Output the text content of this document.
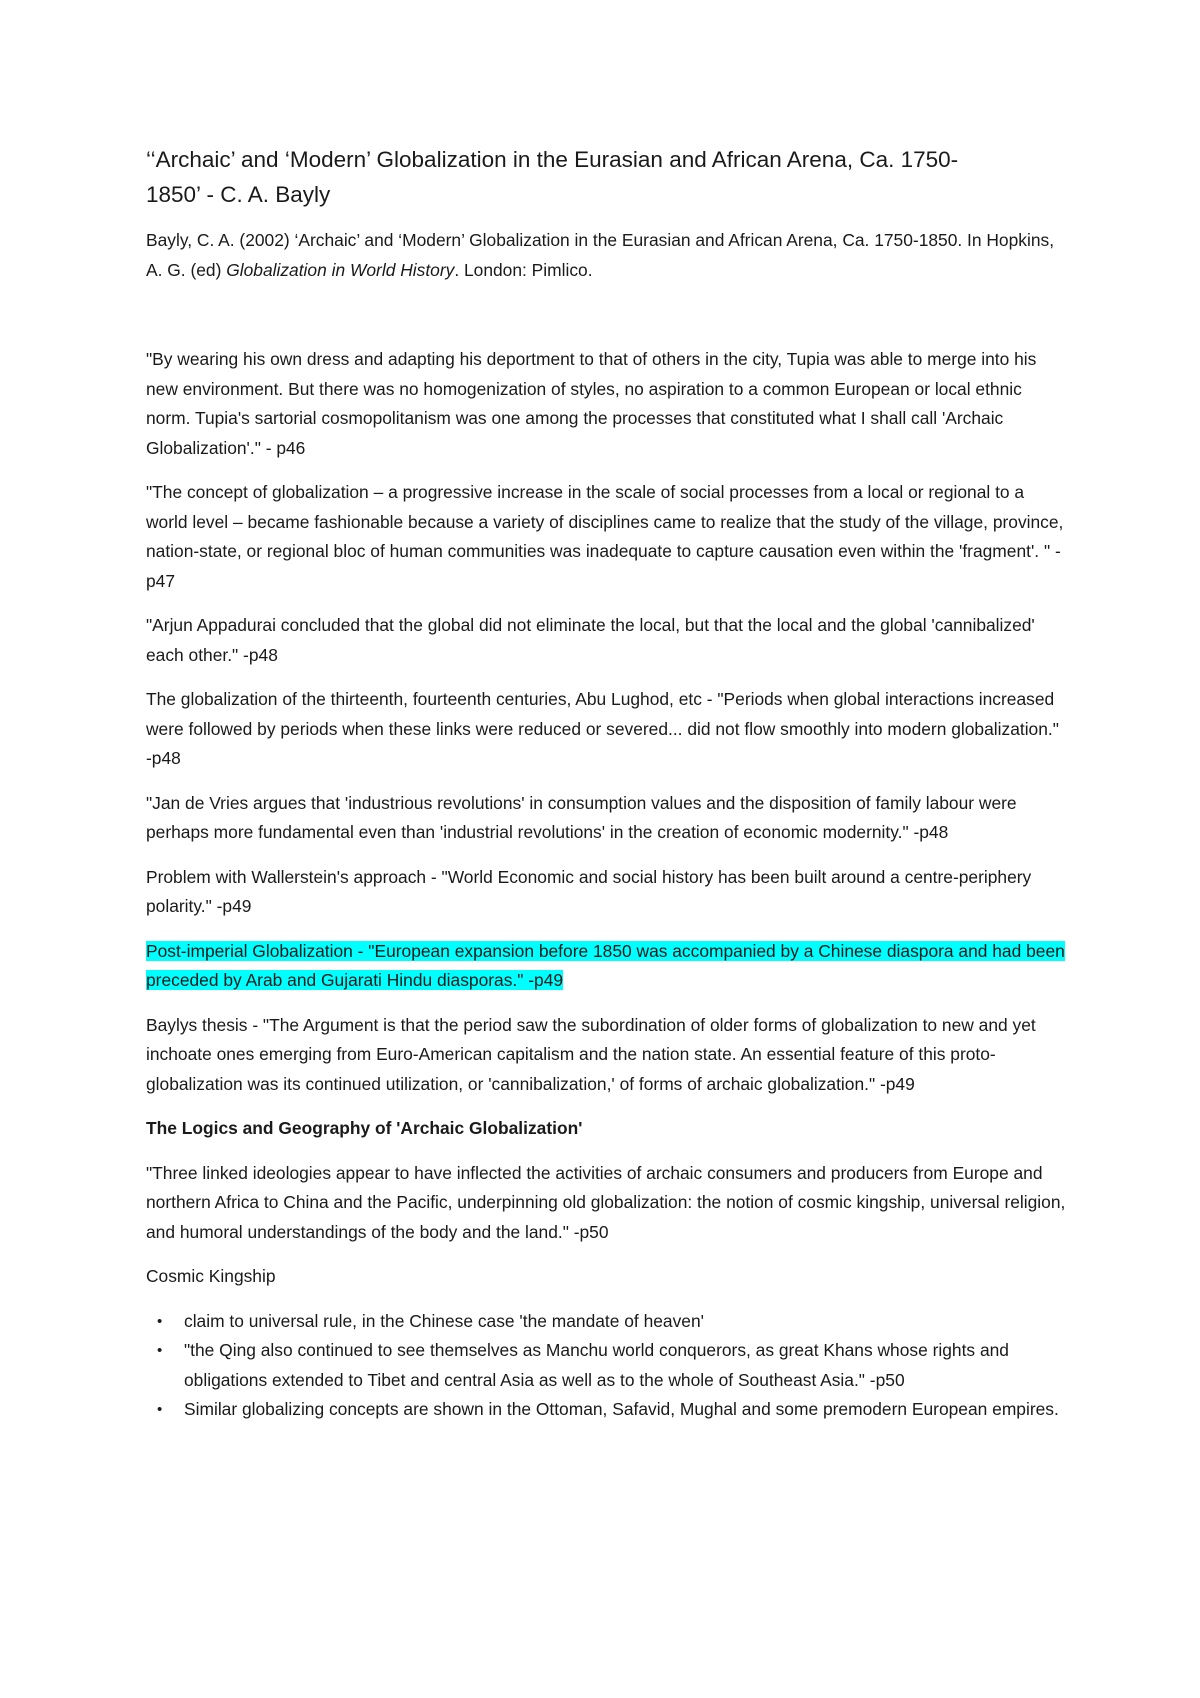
‘‘Archaic’ and ‘Modern’ Globalization in the Eurasian and African Arena, Ca. 1750-
1850’ - C. A. Bayly

Bayly, C. A. (2002) ‘Archaic’ and ‘Modern’ Globalization in the Eurasian and African Arena, Ca. 1750-1850. In Hopkins, A. G. (ed) Globalization in World History. London: Pimlico.

"By wearing his own dress and adapting his deportment to that of others in the city, Tupia was able to merge into his new environment. But there was no homogenization of styles, no aspiration to a common European or local ethnic norm. Tupia's sartorial cosmopolitanism was one among the processes that constituted what I shall call 'Archaic Globalization'." - p46

"The concept of globalization – a progressive increase in the scale of social processes from a local or regional to a world level – became fashionable because a variety of disciplines came to realize that the study of the village, province, nation-state, or regional bloc of human communities was inadequate to capture causation even within the 'fragment'. " -p47

"Arjun Appadurai concluded that the global did not eliminate the local, but that the local and the global 'cannibalized' each other." -p48

The globalization of the thirteenth, fourteenth centuries, Abu Lughod, etc - "Periods when global interactions increased were followed by periods when these links were reduced or severed... did not flow smoothly into modern globalization." -p48

"Jan de Vries argues that 'industrious revolutions' in consumption values and the disposition of family labour were perhaps more fundamental even than 'industrial revolutions' in the creation of economic modernity." -p48

Problem with Wallerstein's approach - "World Economic and social history has been built around a centre-periphery polarity." -p49

Post-imperial Globalization - "European expansion before 1850 was accompanied by a Chinese diaspora and had been preceded by Arab and Gujarati Hindu diasporas." -p49

Baylys thesis - "The Argument is that the period saw the subordination of older forms of globalization to new and yet inchoate ones emerging from Euro-American capitalism and the nation state. An essential feature of this proto-globalization was its continued utilization, or 'cannibalization,' of forms of archaic globalization." -p49

The Logics and Geography of 'Archaic Globalization'

"Three linked ideologies appear to have inflected the activities of archaic consumers and producers from Europe and northern Africa to China and the Pacific, underpinning old globalization: the notion of cosmic kingship, universal religion, and humoral understandings of the body and the land." -p50

Cosmic Kingship

• claim to universal rule, in the Chinese case 'the mandate of heaven'
• "the Qing also continued to see themselves as Manchu world conquerors, as great Khans whose rights and obligations extended to Tibet and central Asia as well as to the whole of Southeast Asia." -p50
• Similar globalizing concepts are shown in the Ottoman, Safavid, Mughal and some premodern European empires.
